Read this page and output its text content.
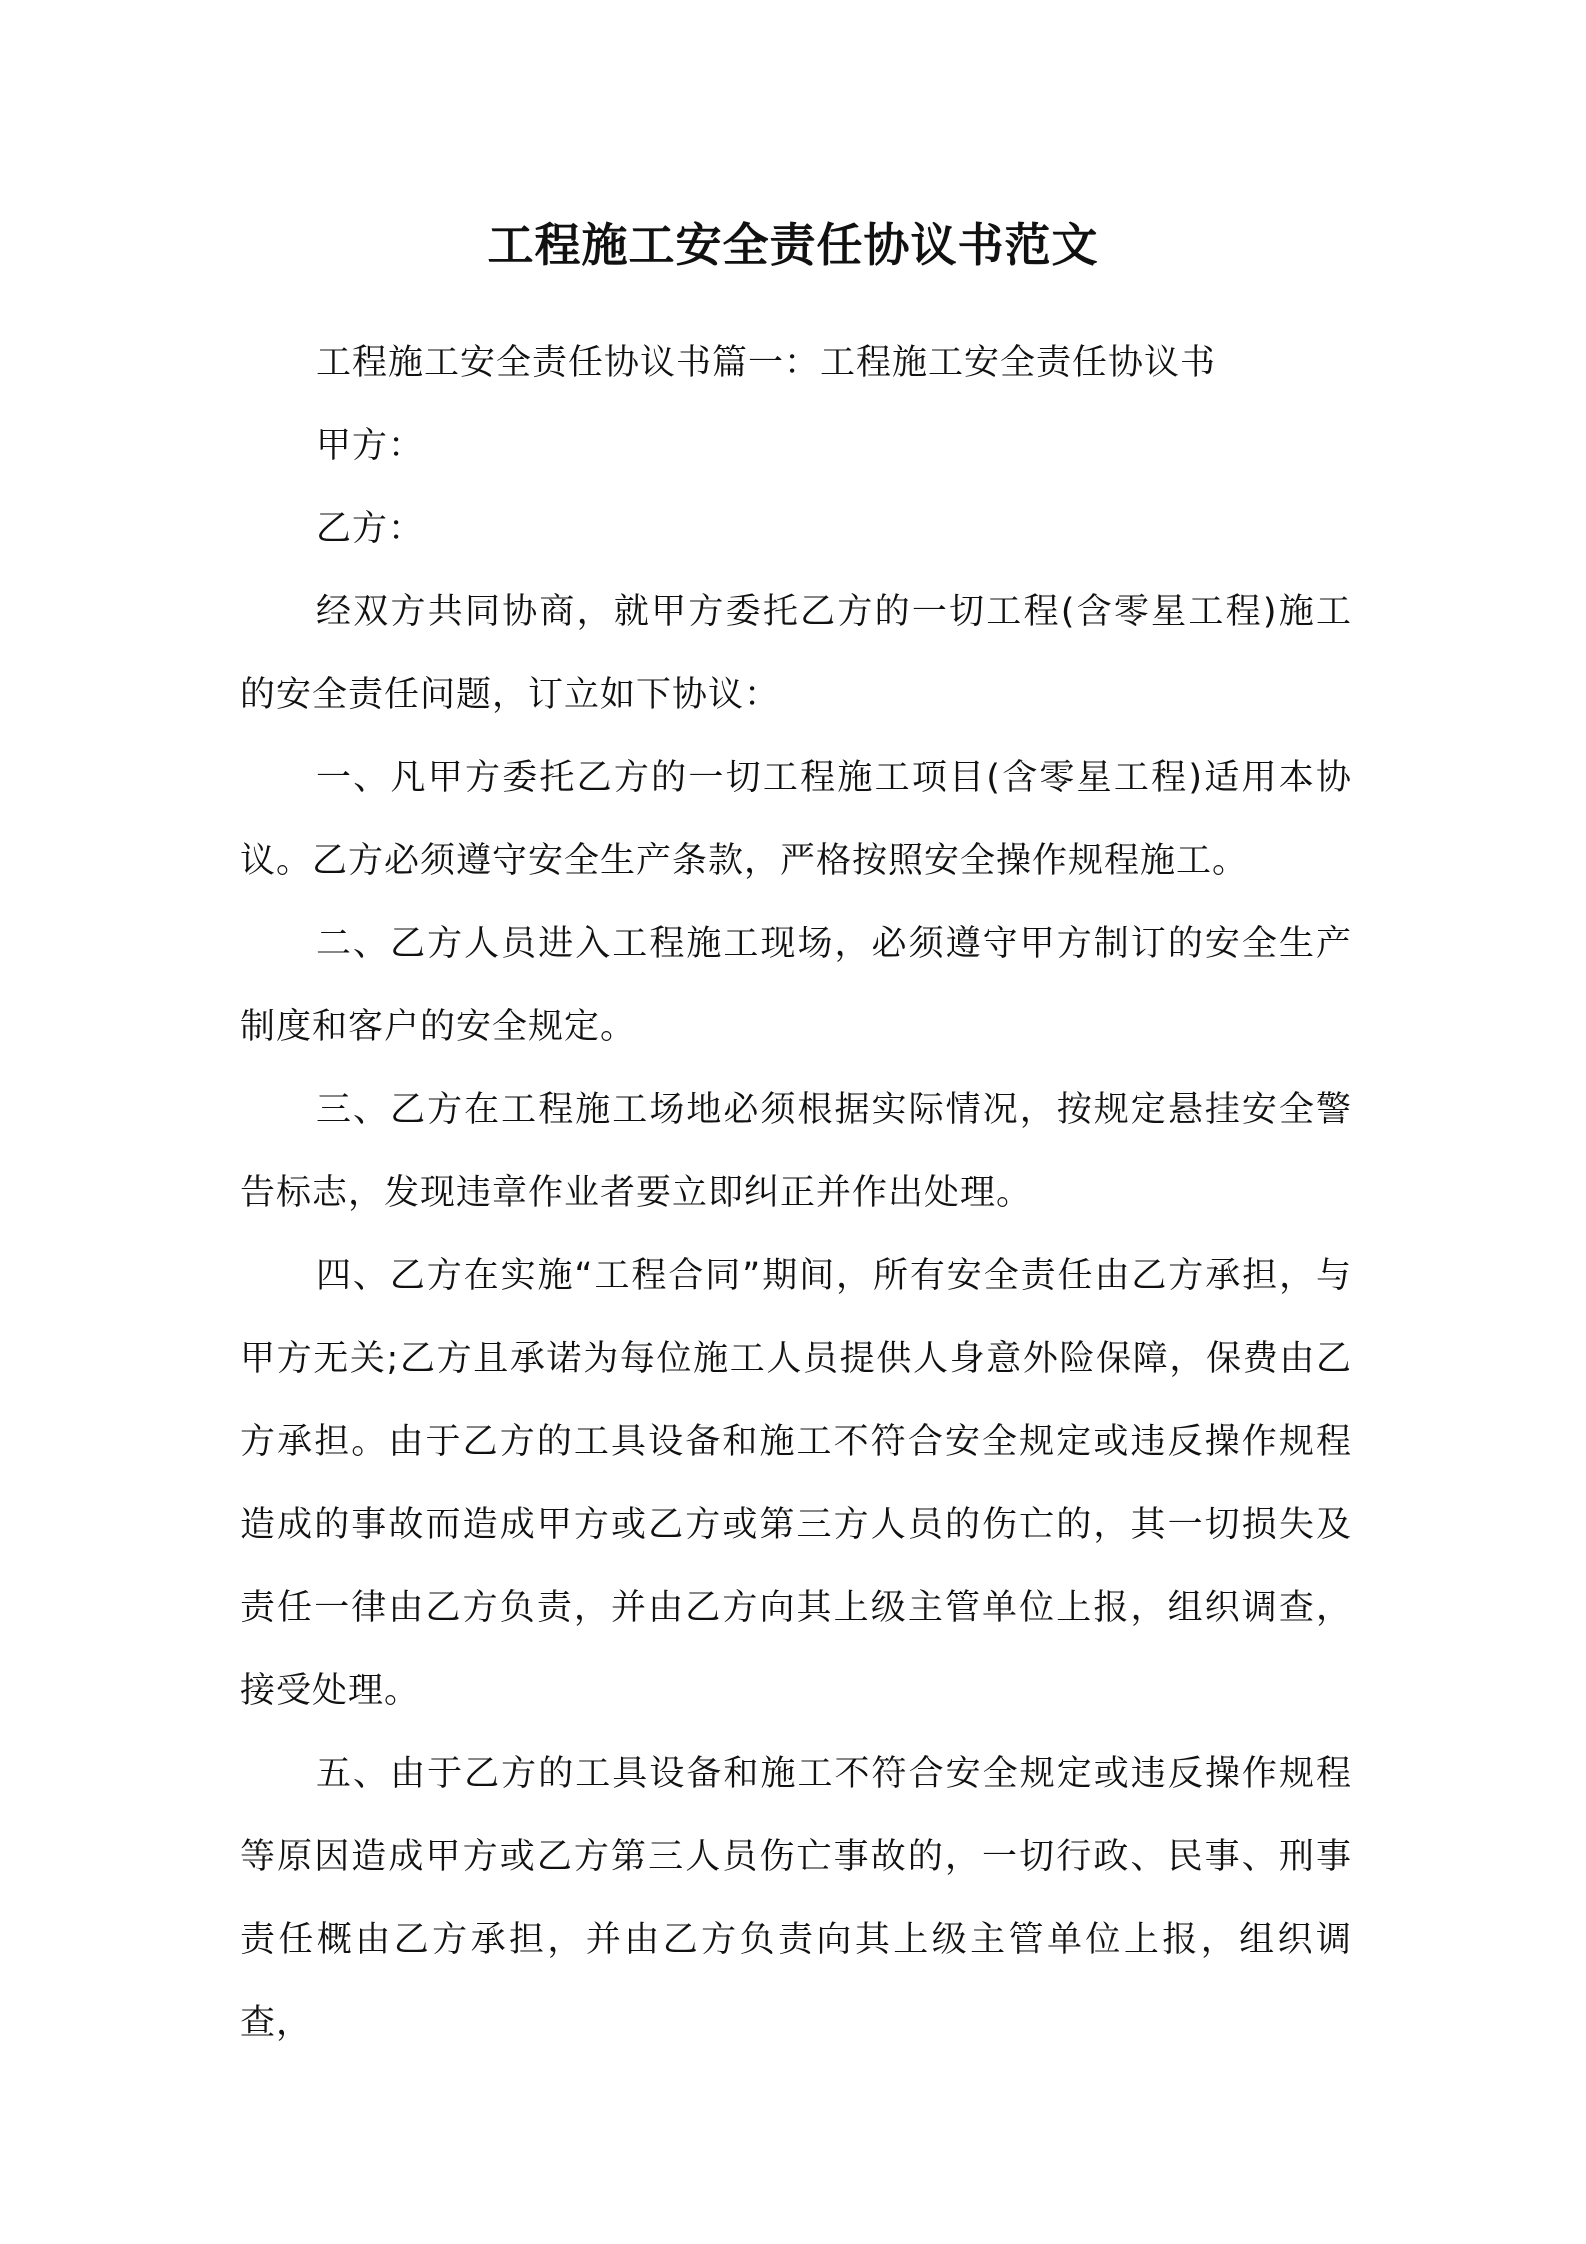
工程施工安全责任协议书范文

工程施工安全责任协议书篇一：工程施工安全责任协议书

甲方：

乙方：

经双方共同协商，就甲方委托乙方的一切工程(含零星工程)施工的安全责任问题，订立如下协议：

一、凡甲方委托乙方的一切工程施工项目(含零星工程)适用本协议。乙方必须遵守安全生产条款，严格按照安全操作规程施工。

二、乙方人员进入工程施工现场，必须遵守甲方制订的安全生产制度和客户的安全规定。

三、乙方在工程施工场地必须根据实际情况，按规定悬挂安全警告标志，发现违章作业者要立即纠正并作出处理。

四、乙方在实施“工程合同”期间，所有安全责任由乙方承担，与甲方无关;乙方且承诺为每位施工人员提供人身意外险保障，保费由乙方承担。由于乙方的工具设备和施工不符合安全规定或违反操作规程造成的事故而造成甲方或乙方或第三方人员的伤亡的，其一切损失及责任一律由乙方负责，并由乙方向其上级主管单位上报，组织调查，接受处理。

五、由于乙方的工具设备和施工不符合安全规定或违反操作规程等原因造成甲方或乙方第三人员伤亡事故的，一切行政、民事、刑事责任概由乙方承担，并由乙方负责向其上级主管单位上报，组织调查，
